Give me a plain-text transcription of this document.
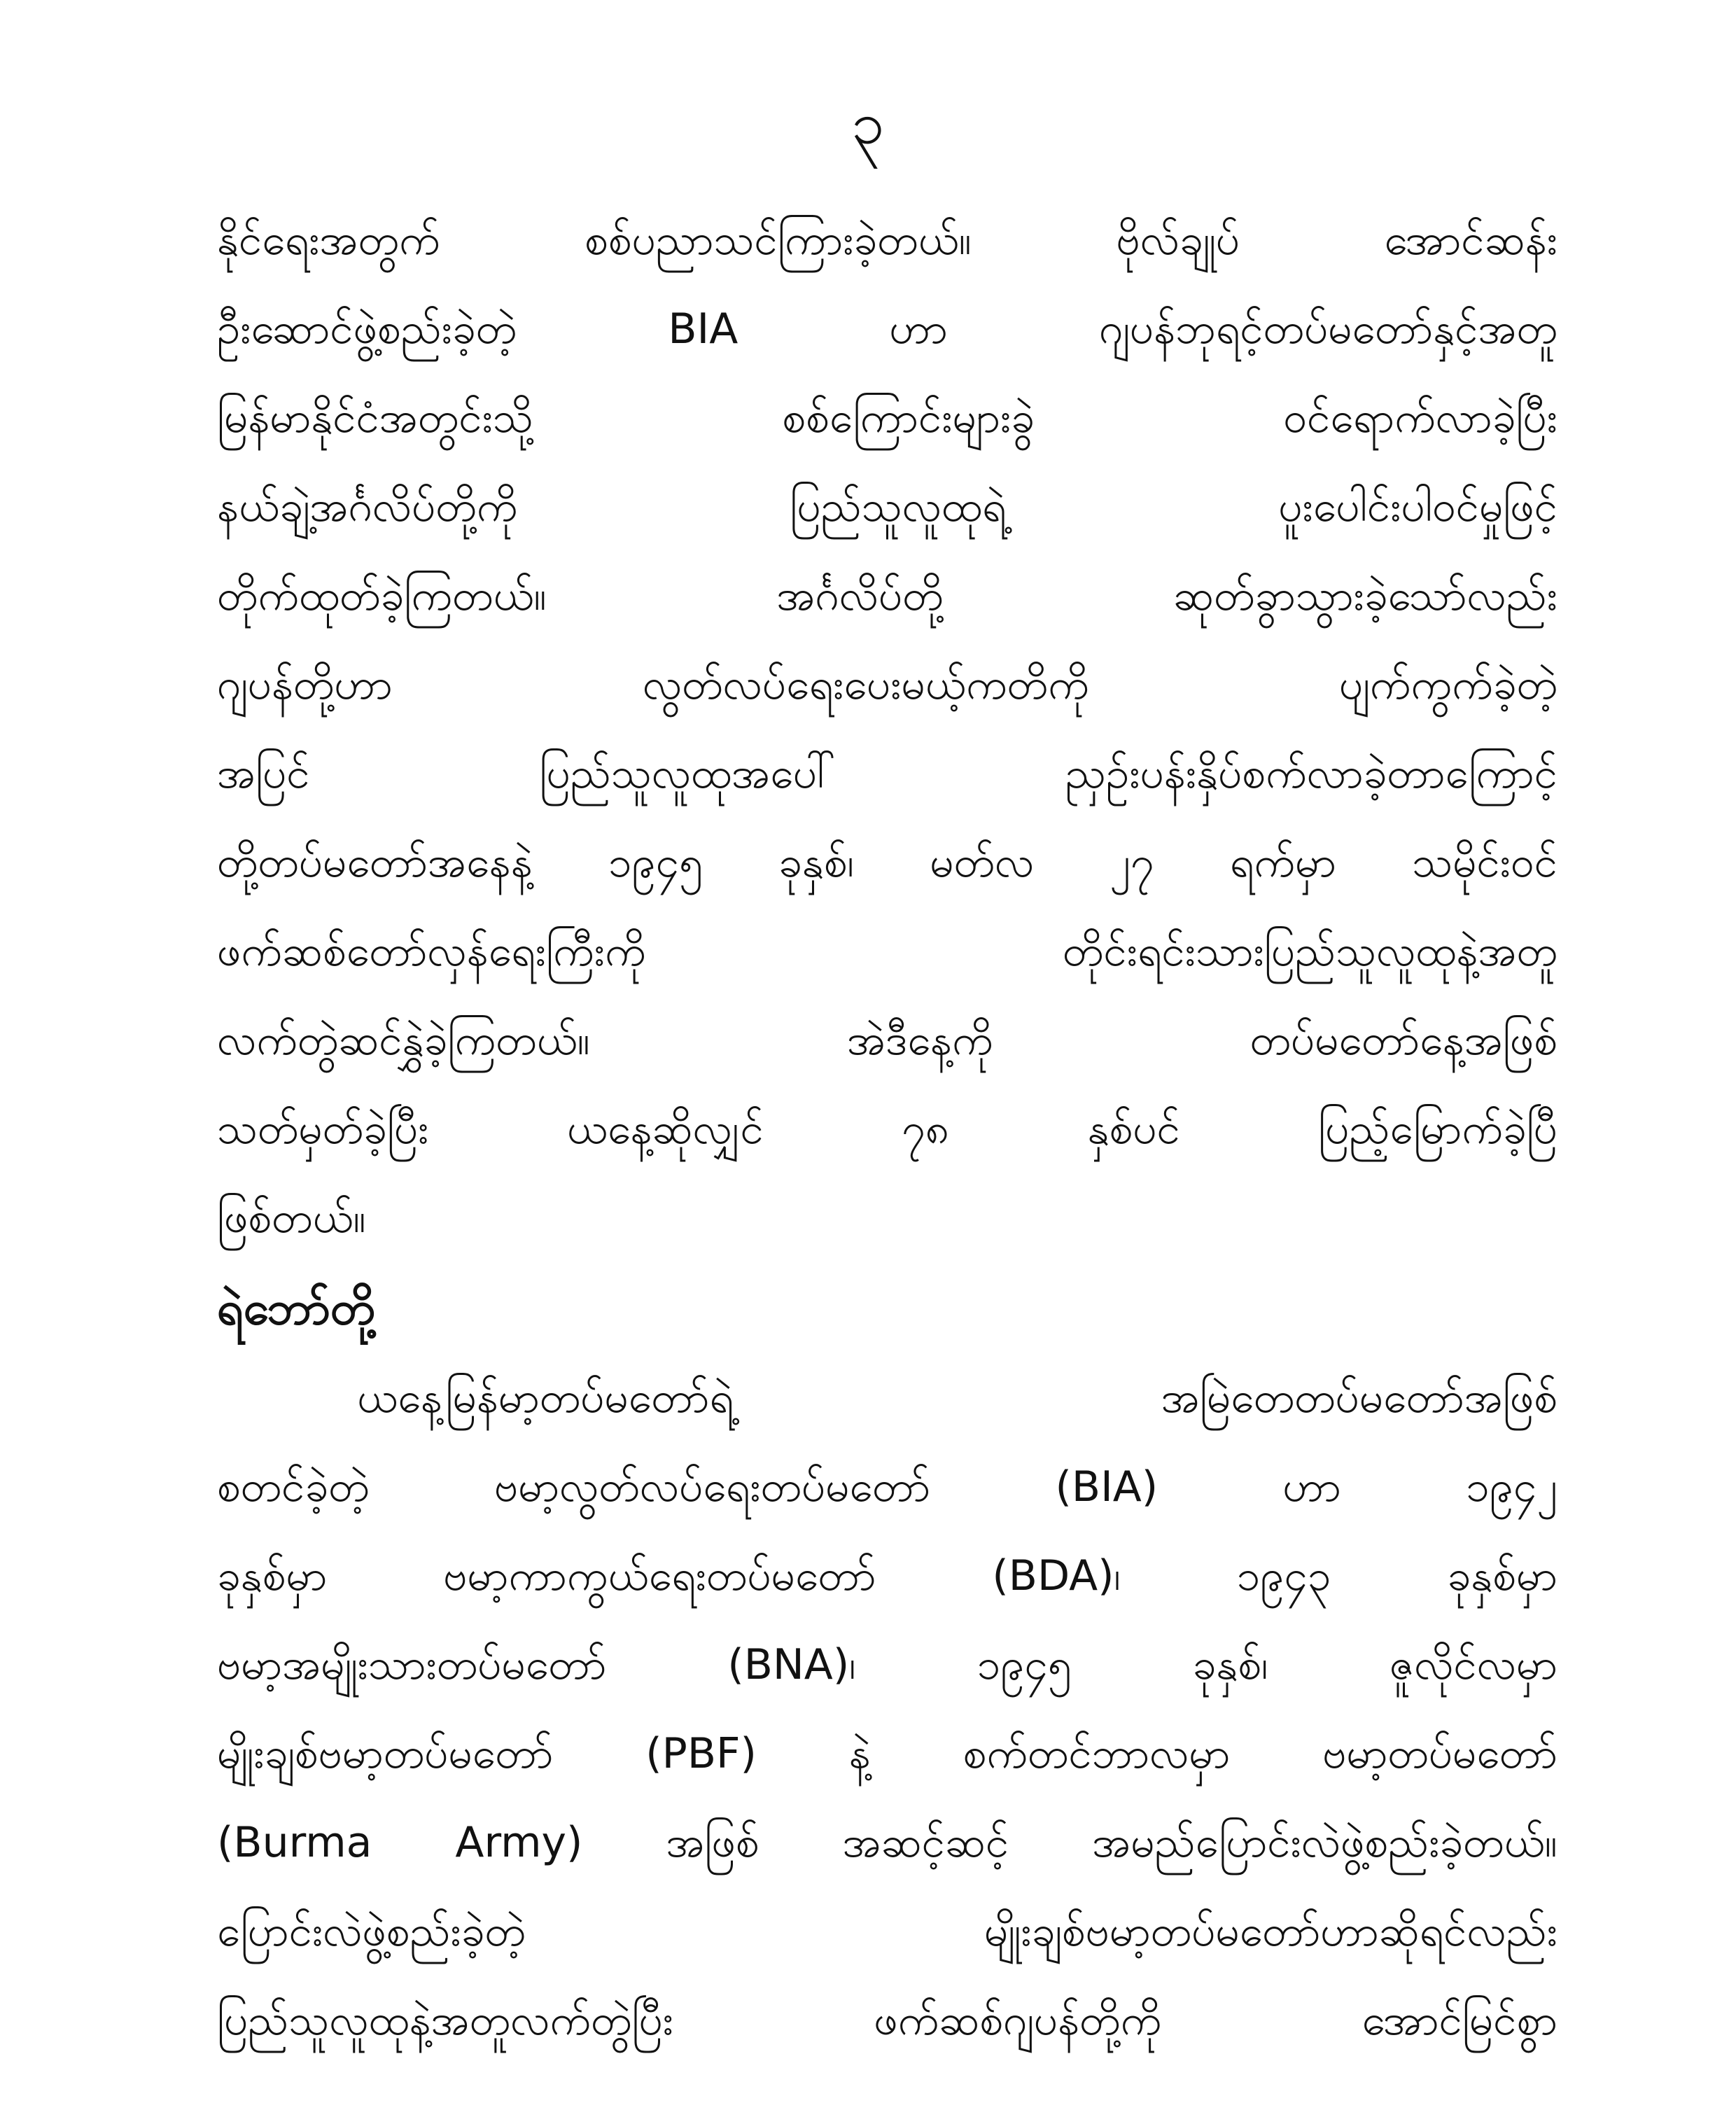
၃
နိုင်ရေးအတွက် စစ်ပညာသင်ကြားခဲ့တယ်။ ဗိုလ်ချုပ် အောင်ဆန်း
ဦးဆောင်ဖွဲ့စည်းခဲ့တဲ့ BIA ဟာ ဂျပန်ဘုရင့်တပ်မတော်နှင့်အတူ
မြန်မာနိုင်ငံအတွင်းသို့ စစ်ကြောင်းများခွဲ ဝင်ရောက်လာခဲ့ပြီး
နယ်ချဲ့အင်္ဂလိပ်တို့ကို ပြည်သူလူထုရဲ့ ပူးပေါင်းပါဝင်မှုဖြင့်
တိုက်ထုတ်ခဲ့ကြတယ်။ အင်္ဂလိပ်တို့ ဆုတ်ခွာသွားခဲ့သော်လည်း
ဂျပန်တို့ဟာ လွတ်လပ်ရေးပေးမယ့်ကတိကို ပျက်ကွက်ခဲ့တဲ့
အပြင် ပြည်သူလူထုအပေါ် ညှဉ်းပန်းနှိပ်စက်လာခဲ့တာကြောင့်
တို့တပ်မတော်အနေနဲ့ ၁၉၄၅ ခုနှစ်၊ မတ်လ ၂၇ ရက်မှာ သမိုင်းဝင်
ဖက်ဆစ်တော်လှန်ရေးကြီးကို တိုင်းရင်းသားပြည်သူလူထုနဲ့အတူ
လက်တွဲဆင်နွှဲခဲ့ကြတယ်။ အဲဒီနေ့ကို တပ်မတော်နေ့အဖြစ်
သတ်မှတ်ခဲ့ပြီး ယနေ့ဆိုလျှင် ၇၈ နှစ်ပင် ပြည့်မြောက်ခဲ့ပြီ
ဖြစ်တယ်။
ရဲဘော်တို့
ယနေ့မြန်မာ့တပ်မတော်ရဲ့ အမြဲတေတပ်မတော်အဖြစ်
စတင်ခဲ့တဲ့ ဗမာ့လွတ်လပ်ရေးတပ်မတော် (BIA) ဟာ ၁၉၄၂
ခုနှစ်မှာ ဗမာ့ကာကွယ်ရေးတပ်မတော် (BDA)၊ ၁၉၄၃ ခုနှစ်မှာ
ဗမာ့အမျိုးသားတပ်မတော် (BNA)၊ ၁၉၄၅ ခုနှစ်၊ ဇူလိုင်လမှာ
မျိုးချစ်ဗမာ့တပ်မတော် (PBF) နဲ့ စက်တင်ဘာလမှာ ဗမာ့တပ်မတော်
(Burma Army) အဖြစ် အဆင့်ဆင့် အမည်ပြောင်းလဲဖွဲ့စည်းခဲ့တယ်။
ပြောင်းလဲဖွဲ့စည်းခဲ့တဲ့ မျိုးချစ်ဗမာ့တပ်မတော်ဟာဆိုရင်လည်း
ပြည်သူလူထုနဲ့အတူလက်တွဲပြီး ဖက်ဆစ်ဂျပန်တို့ကို အောင်မြင်စွာ
